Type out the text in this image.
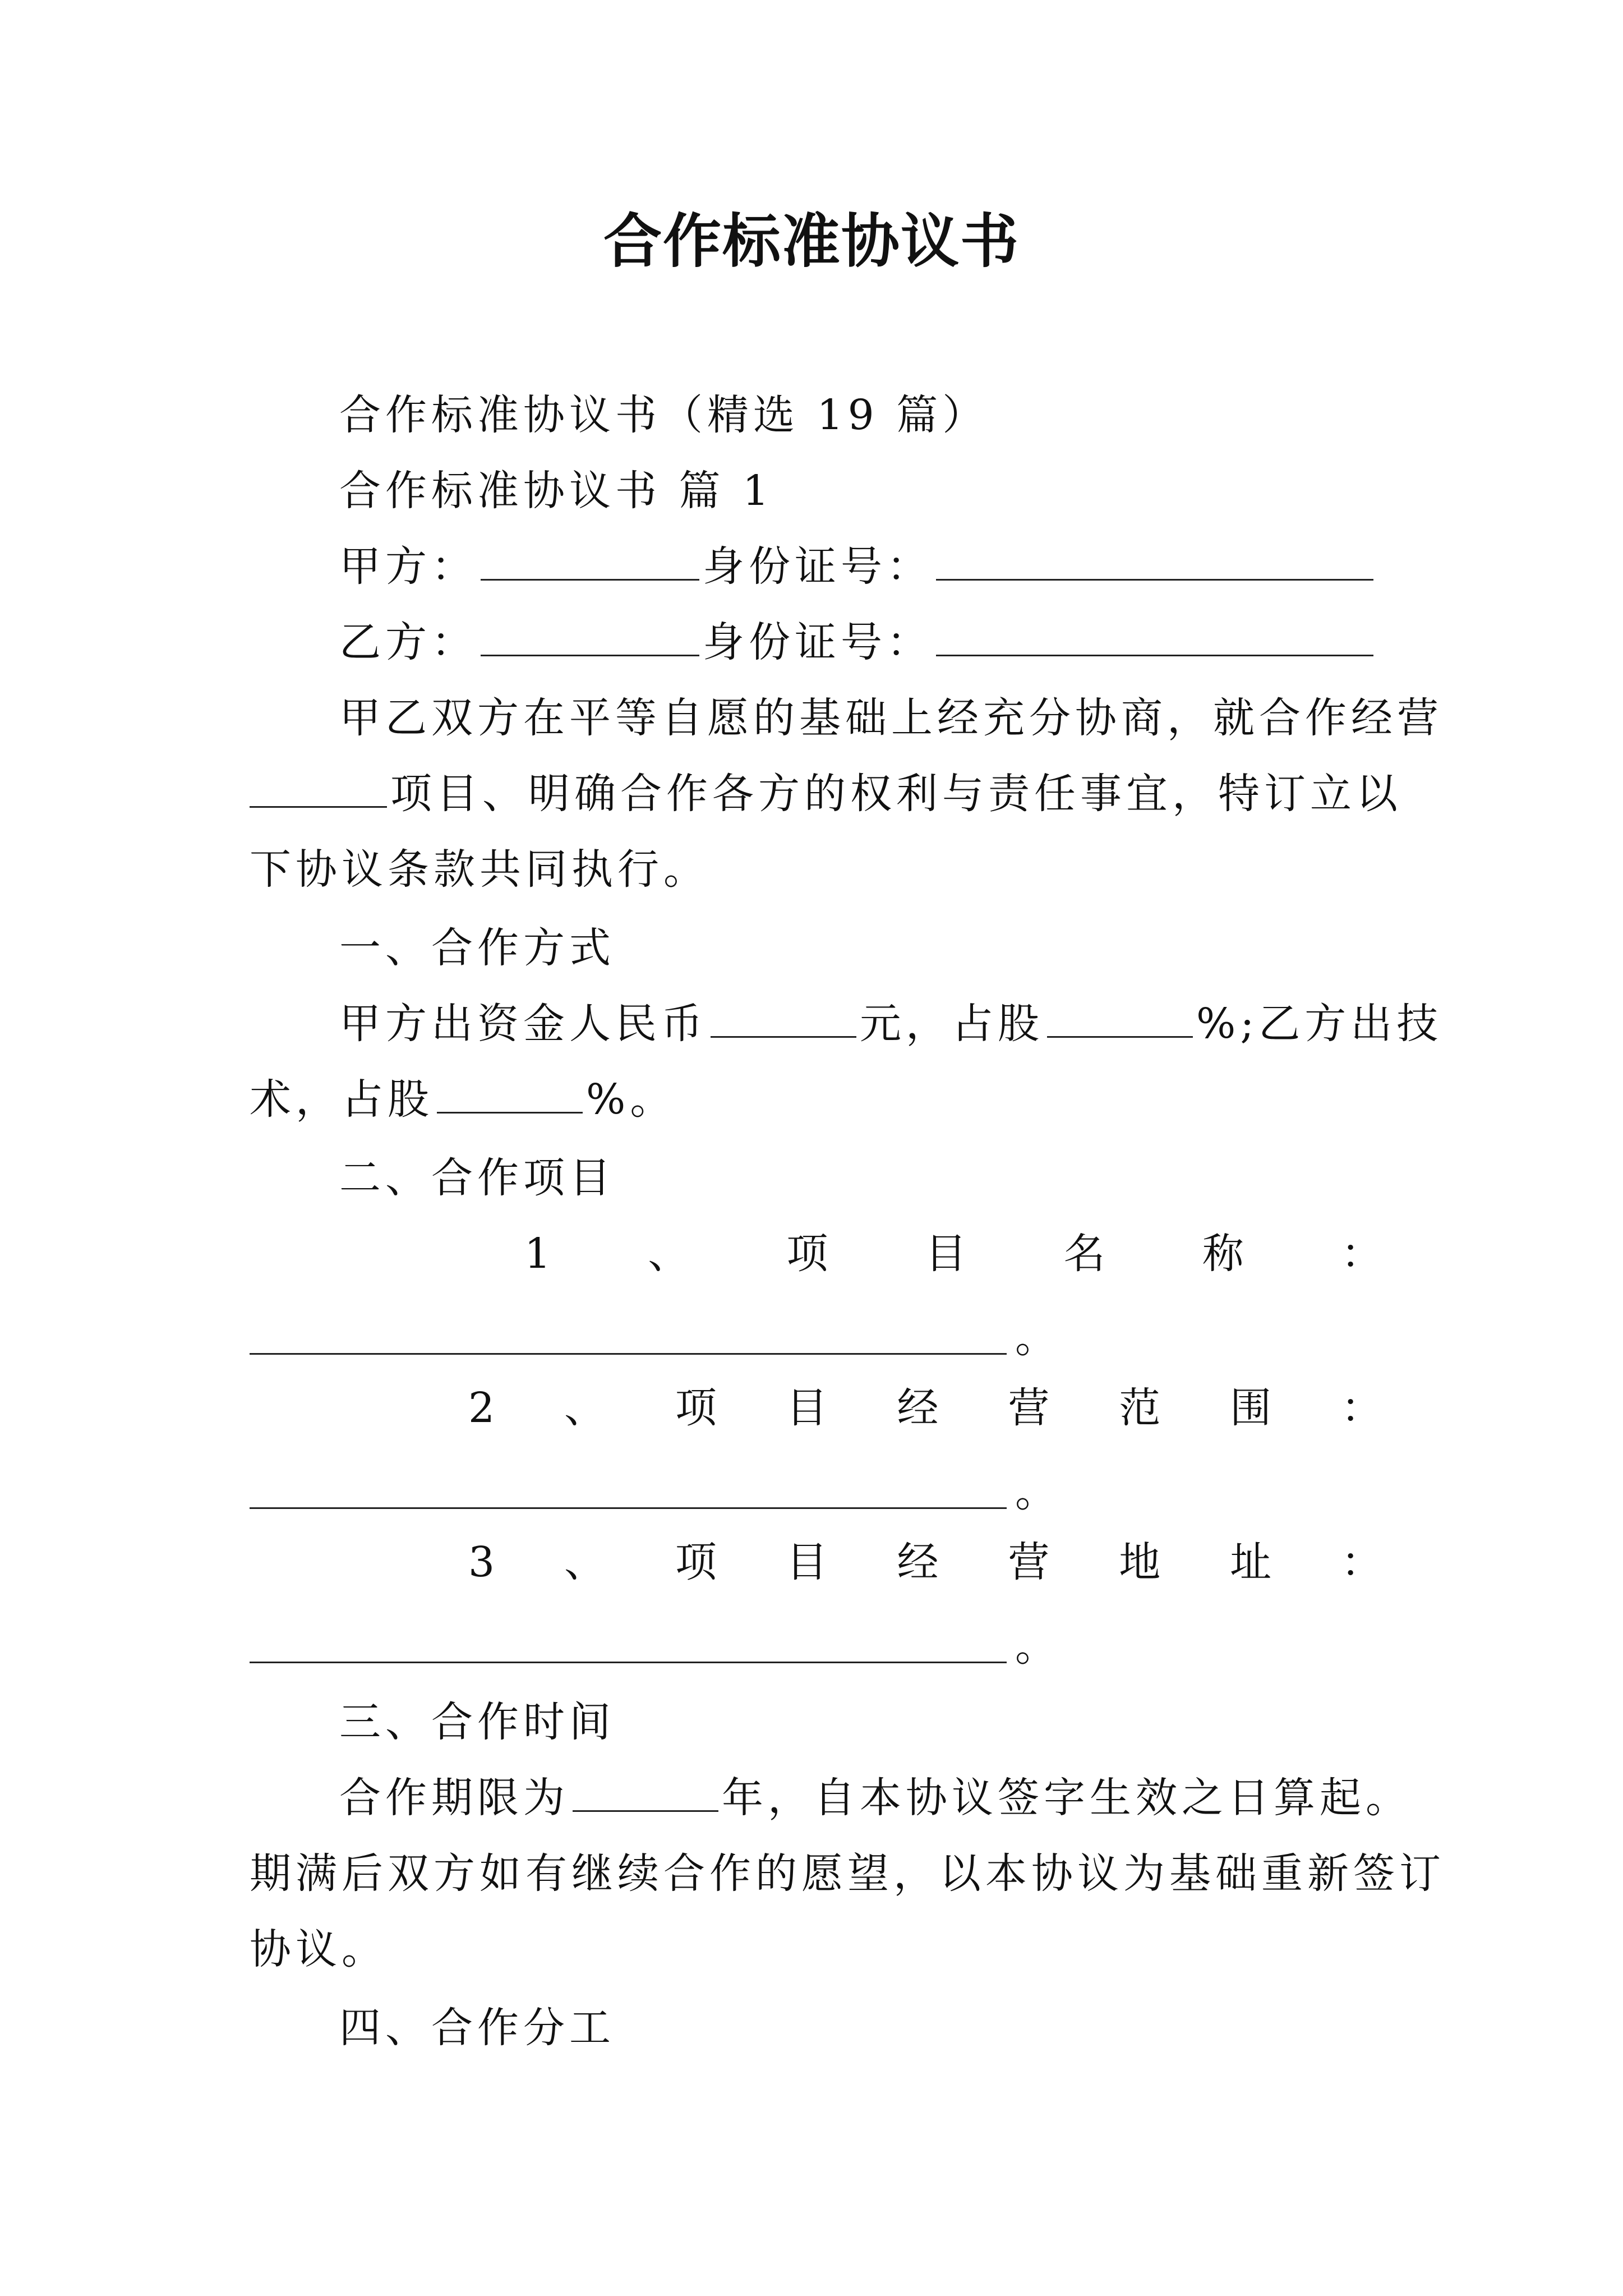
合作标准协议书
合作标准协议书（精选 19 篇）
合作标准协议书 篇 1
甲方：	身份证号：
乙方：	身份证号：
甲乙双方在平等自愿的基础上经充分协商，就合作经营
项目、明确合作各方的权利与责任事宜，特订立以
下协议条款共同执行。
一、合作方式
甲方出资金人民币	元，占股	%;乙方出技
术，占股	%。
二、合作项目
1 、 项 目 名 称 ：
。
2 、 项 目 经 营 范 围 ：
。
3 、 项 目 经 营 地 址 ：
。
三、合作时间
合作期限为	年，自本协议签字生效之日算起。
期满后双方如有继续合作的愿望，以本协议为基础重新签订
协议。
四、合作分工
